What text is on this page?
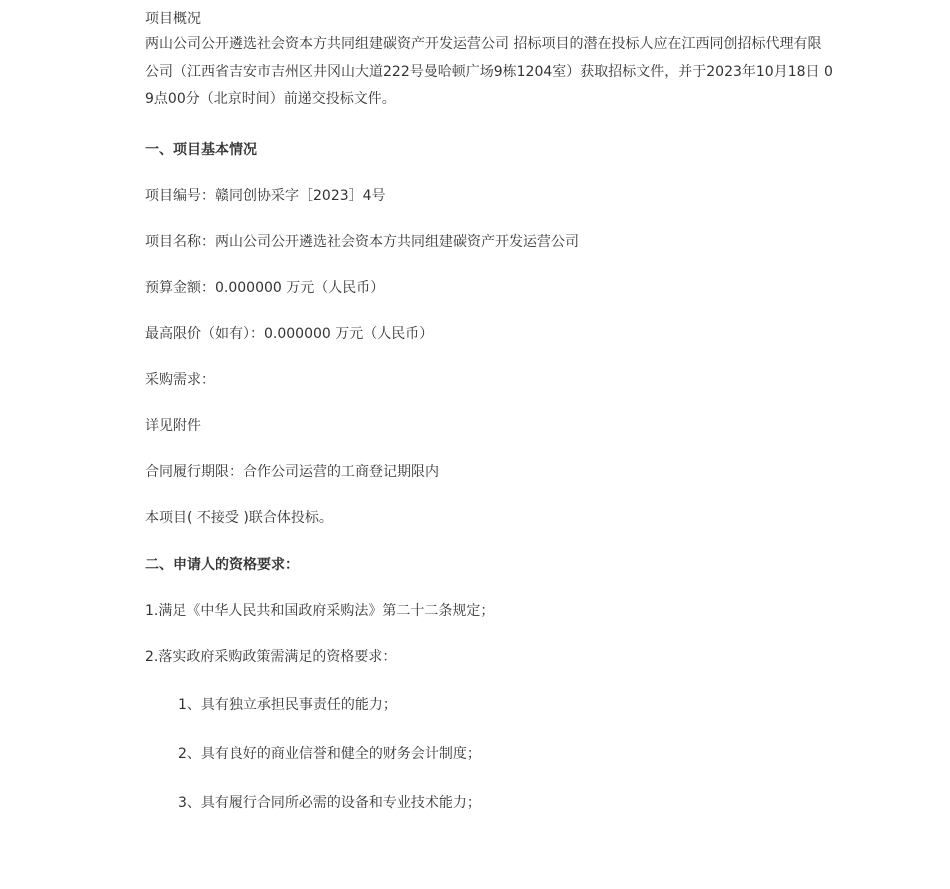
项目概况
两山公司公开遴选社会资本方共同组建碳资产开发运营公司 招标项目的潜在投标人应在江西同创招标代理有限公司（江西省吉安市吉州区井冈山大道222号曼哈顿广场9栋1204室）获取招标文件，并于2023年10月18日 09点00分（北京时间）前递交投标文件。
一、项目基本情况
项目编号：赣同创协采字［2023］4号
项目名称：两山公司公开遴选社会资本方共同组建碳资产开发运营公司
预算金额：0.000000 万元（人民币）
最高限价（如有）：0.000000 万元（人民币）
采购需求：
详见附件
合同履行期限：合作公司运营的工商登记期限内
本项目( 不接受 )联合体投标。
二、申请人的资格要求：
1.满足《中华人民共和国政府采购法》第二十二条规定；
2.落实政府采购政策需满足的资格要求：
1、具有独立承担民事责任的能力；
2、具有良好的商业信誉和健全的财务会计制度；
3、具有履行合同所必需的设备和专业技术能力；
